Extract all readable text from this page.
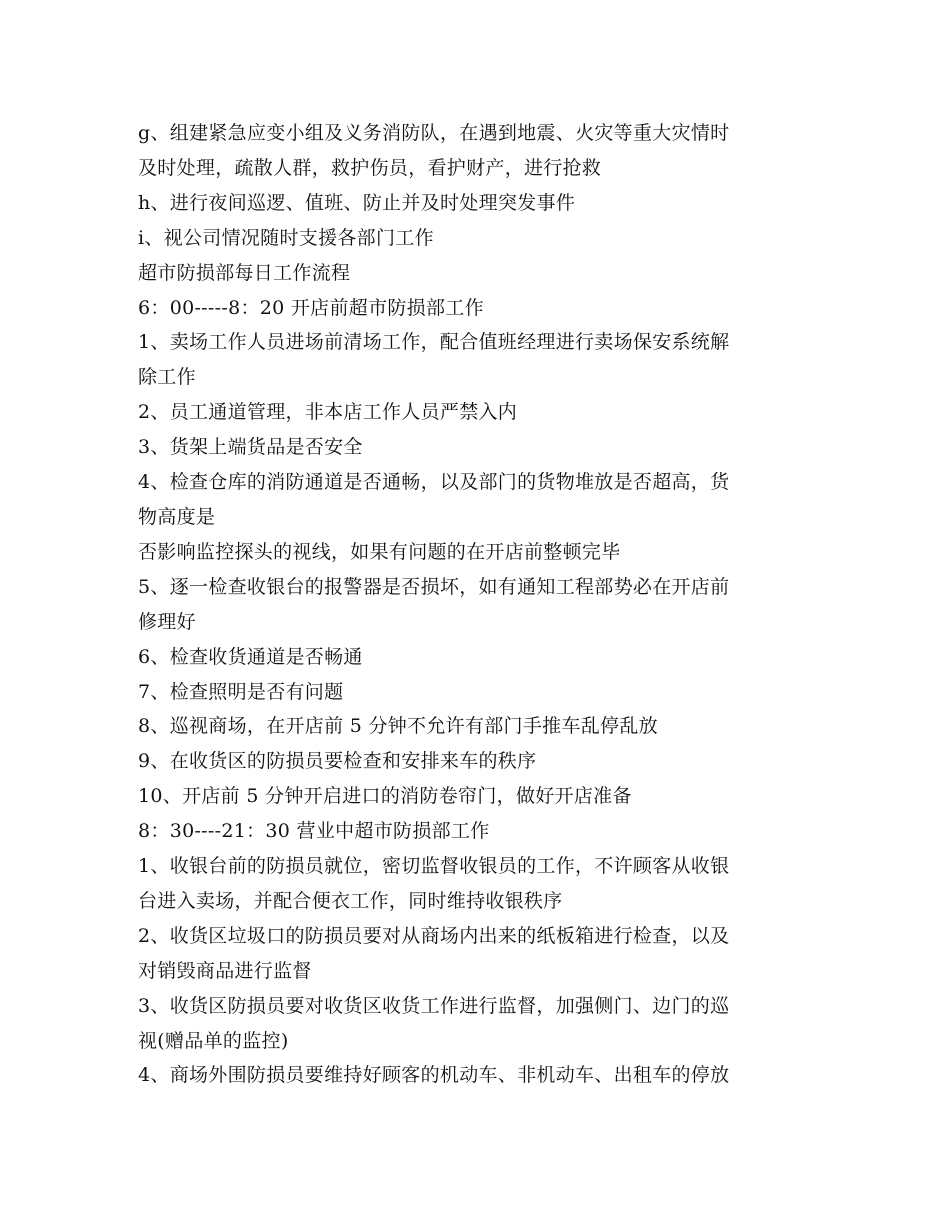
g、组建紧急应变小组及义务消防队，在遇到地震、火灾等重大灾情时
及时处理，疏散人群，救护伤员，看护财产，进行抢救
h、进行夜间巡逻、值班、防止并及时处理突发事件
i、视公司情况随时支援各部门工作
超市防损部每日工作流程
6：00-----8：20 开店前超市防损部工作
1、卖场工作人员进场前清场工作，配合值班经理进行卖场保安系统解
除工作
2、员工通道管理，非本店工作人员严禁入内
3、货架上端货品是否安全
4、检查仓库的消防通道是否通畅，以及部门的货物堆放是否超高，货
物高度是
否影响监控探头的视线，如果有问题的在开店前整顿完毕
5、逐一检查收银台的报警器是否损坏，如有通知工程部势必在开店前
修理好
6、检查收货通道是否畅通
7、检查照明是否有问题
8、巡视商场，在开店前 5 分钟不允许有部门手推车乱停乱放
9、在收货区的防损员要检查和安排来车的秩序
10、开店前 5 分钟开启进口的消防卷帘门，做好开店准备
8：30----21：30 营业中超市防损部工作
1、收银台前的防损员就位，密切监督收银员的工作，不许顾客从收银
台进入卖场，并配合便衣工作，同时维持收银秩序
2、收货区垃圾口的防损员要对从商场内出来的纸板箱进行检查，以及
对销毁商品进行监督
3、收货区防损员要对收货区收货工作进行监督，加强侧门、边门的巡
视(赠品单的监控)
4、商场外围防损员要维持好顾客的机动车、非机动车、出租车的停放
